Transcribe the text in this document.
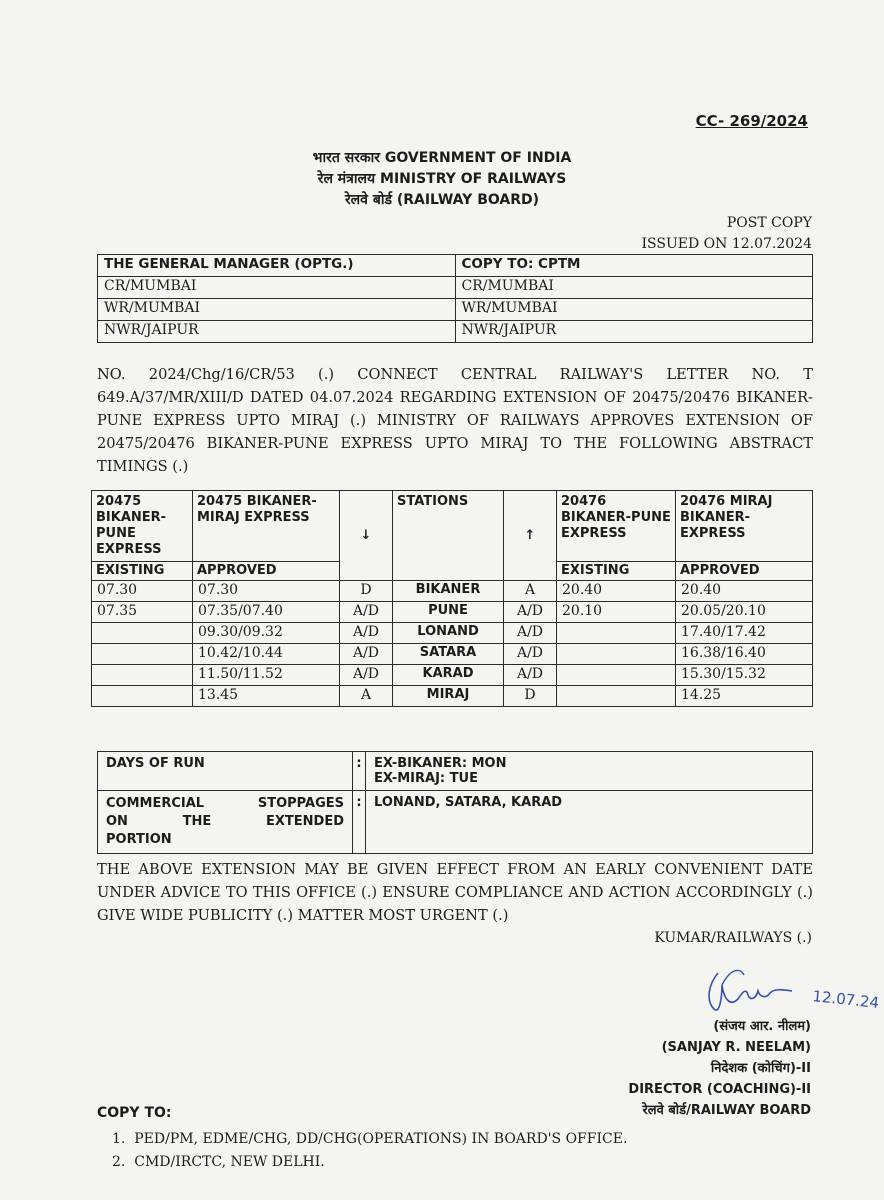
CC- 269/2024
भारत सरकार GOVERNMENT OF INDIA
रेल मंत्रालय MINISTRY OF RAILWAYS
रेलवे बोर्ड (RAILWAY BOARD)
POST COPY
ISSUED ON 12.07.2024
THE GENERAL MANAGER (OPTG.)	COPY TO: CPTM
CR/MUMBAI	CR/MUMBAI
WR/MUMBAI	WR/MUMBAI
NWR/JAIPUR	NWR/JAIPUR
NO. 2024/Chg/16/CR/53 (.) CONNECT CENTRAL RAILWAY'S LETTER NO. T 649.A/37/MR/XIII/D DATED 04.07.2024 REGARDING EXTENSION OF 20475/20476 BIKANER-PUNE EXPRESS UPTO MIRAJ (.) MINISTRY OF RAILWAYS APPROVES EXTENSION OF 20475/20476 BIKANER-PUNE EXPRESS UPTO MIRAJ TO THE FOLLOWING ABSTRACT TIMINGS (.)
20475 BIKANER-PUNE EXPRESS	20475 BIKANER-MIRAJ EXPRESS	↓	STATIONS	↑	20476 BIKANER-PUNE EXPRESS	20476 MIRAJ BIKANER-EXPRESS
EXISTING	APPROVED				EXISTING	APPROVED
07.30	07.30	D	BIKANER	A	20.40	20.40
07.35	07.35/07.40	A/D	PUNE	A/D	20.10	20.05/20.10
	09.30/09.32	A/D	LONAND	A/D		17.40/17.42
	10.42/10.44	A/D	SATARA	A/D		16.38/16.40
	11.50/11.52	A/D	KARAD	A/D		15.30/15.32
	13.45	A	MIRAJ	D		14.25
DAYS OF RUN	:	EX-BIKANER: MON
EX-MIRAJ: TUE

COMMERCIAL STOPPAGES
ON THE EXTENDED
PORTION	:	LONAND, SATARA, KARAD
THE ABOVE EXTENSION MAY BE GIVEN EFFECT FROM AN EARLY CONVENIENT DATE UNDER ADVICE TO THIS OFFICE (.) ENSURE COMPLIANCE AND ACTION ACCORDINGLY (.) GIVE WIDE PUBLICITY (.) MATTER MOST URGENT (.)
KUMAR/RAILWAYS (.)
12.07.24
(संजय आर. नीलम)
(SANJAY R. NEELAM)
निदेशक (कोचिंग)-II
DIRECTOR (COACHING)-II
रेलवे बोर्ड/RAILWAY BOARD
COPY TO:
1.  PED/PM, EDME/CHG, DD/CHG(OPERATIONS) IN BOARD'S OFFICE.
2.  CMD/IRCTC, NEW DELHI.
